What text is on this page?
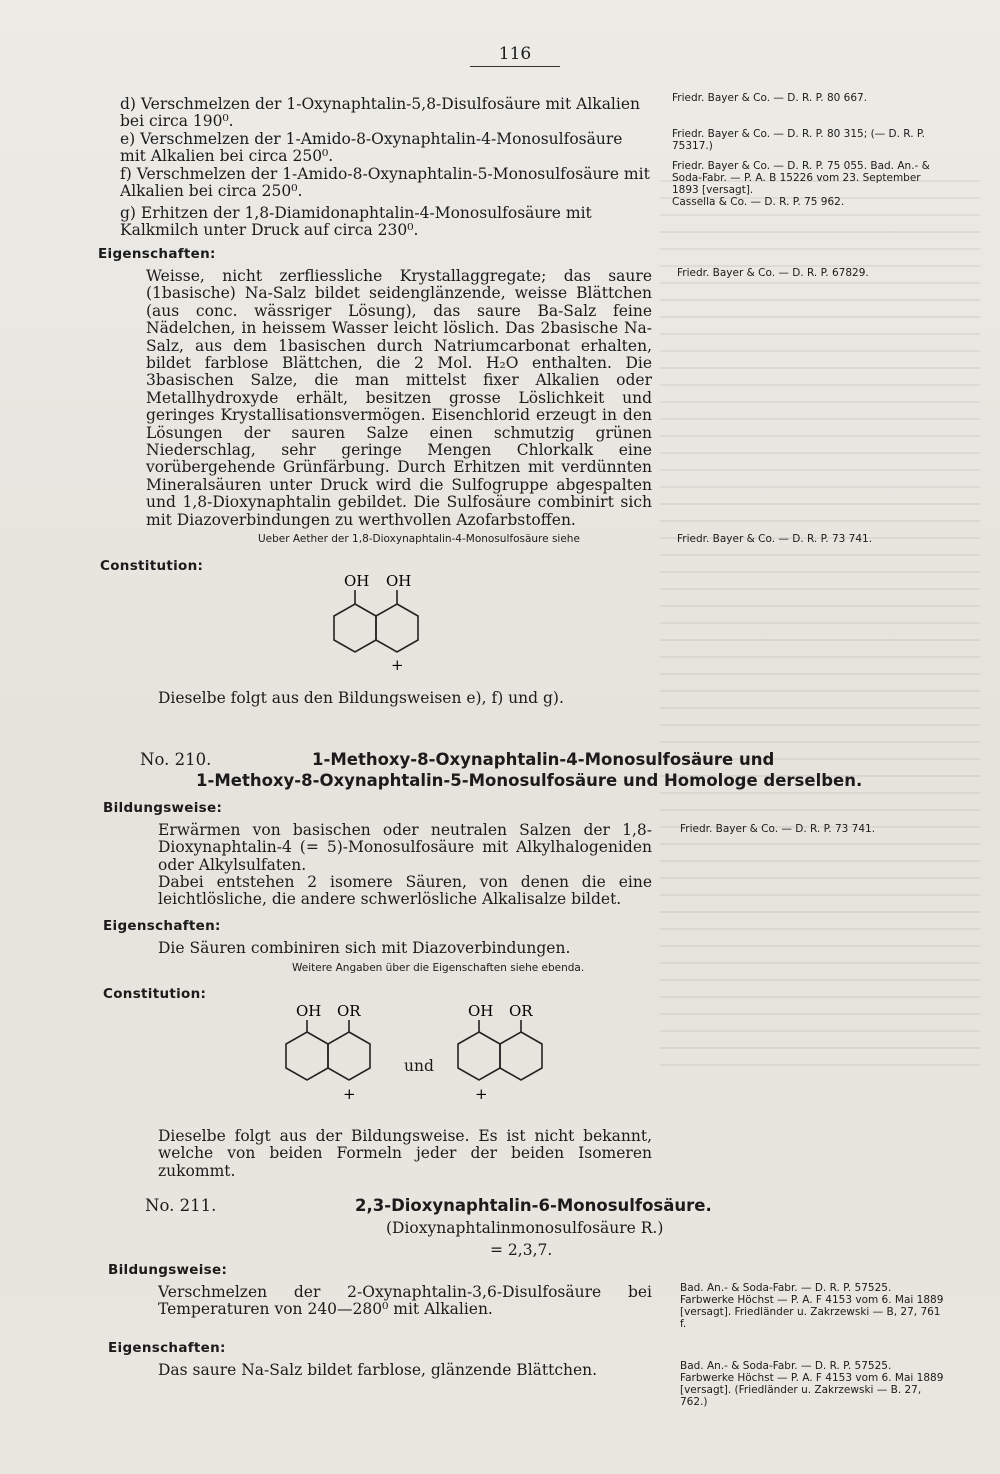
116
d) Verschmelzen der 1-Oxynaphtalin-5,8-Disulfosäure mit Alkalien bei circa 190⁰.
Friedr. Bayer & Co. — D. R. P. 80 667.
e) Verschmelzen der 1-Amido-8-Oxynaphtalin-4-Monosulfosäure mit Alkalien bei circa 250⁰.
Friedr. Bayer & Co. — D. R. P. 80 315; (— D. R. P. 75317.)
f) Verschmelzen der 1-Amido-8-Oxynaphtalin-5-Monosulfosäure mit Alkalien bei circa 250⁰.
Friedr. Bayer & Co. — D. R. P. 75 055. Bad. An.- & Soda-Fabr. — P. A. B 15226 vom 23. September 1893 [versagt].
g) Erhitzen der 1,8-Diamidonaphtalin-4-Monosulfosäure mit Kalkmilch unter Druck auf circa 230⁰.
Cassella & Co. — D. R. P. 75 962.
Eigenschaften:
Weisse, nicht zerfliessliche Krystallaggregate; das saure (1basische) Na-Salz bildet seidenglänzende, weisse Blättchen (aus conc. wässriger Lösung), das saure Ba-Salz feine Nädelchen, in heissem Wasser leicht löslich. Das 2basische Na-Salz, aus dem 1basischen durch Natriumcarbonat erhalten, bildet farblose Blättchen, die 2 Mol. H₂O enthalten. Die 3basischen Salze, die man mittelst fixer Alkalien oder Metallhydroxyde erhält, besitzen grosse Löslichkeit und geringes Krystallisationsvermögen. Eisenchlorid erzeugt in den Lösungen der sauren Salze einen schmutzig grünen Niederschlag, sehr geringe Mengen Chlorkalk eine vorübergehende Grünfärbung. Durch Erhitzen mit verdünnten Mineralsäuren unter Druck wird die Sulfogruppe abgespalten und 1,8-Dioxynaphtalin gebildet. Die Sulfosäure combinirt sich mit Diazoverbindungen zu werthvollen Azofarbstoffen.
Friedr. Bayer & Co. — D. R. P. 67829.
Ueber Aether der 1,8-Dioxynaphtalin-4-Monosulfosäure siehe	Friedr. Bayer & Co. — D. R. P. 73 741.
Constitution:
OH OH
+
Dieselbe folgt aus den Bildungsweisen e), f) und g).
No. 210.	1-Methoxy-8-Oxynaphtalin-4-Monosulfosäure und
1-Methoxy-8-Oxynaphtalin-5-Monosulfosäure und Homologe derselben.
Bildungsweise:
Erwärmen von basischen oder neutralen Salzen der 1,8-Dioxynaphtalin-4 (= 5)-Monosulfosäure mit Alkylhalogeniden oder Alkylsulfaten.
Dabei entstehen 2 isomere Säuren, von denen die eine leichtlösliche, die andere schwerlösliche Alkalisalze bildet.
Friedr. Bayer & Co. — D. R. P. 73 741.
Eigenschaften:
Die Säuren combiniren sich mit Diazoverbindungen.
Weitere Angaben über die Eigenschaften siehe ebenda.
Constitution:
OH OR
+
und
OH OR
+
Dieselbe folgt aus der Bildungsweise. Es ist nicht bekannt, welche von beiden Formeln jeder der beiden Isomeren zukommt.
No. 211.	2,3-Dioxynaphtalin-6-Monosulfosäure.
(Dioxynaphtalinmonosulfosäure R.)
= 2,3,7.
Bildungsweise:
Verschmelzen der 2-Oxynaphtalin-3,6-Disulfosäure bei Temperaturen von 240—280⁰ mit Alkalien.
Bad. An.- & Soda-Fabr. — D. R. P. 57525. Farbwerke Höchst — P. A. F 4153 vom 6. Mai 1889 [versagt]. Friedländer u. Zakrzewski — B, 27, 761 f.
Eigenschaften:
Das saure Na-Salz bildet farblose, glänzende Blättchen.	Bad. An.- & Soda-Fabr. — D. R. P. 57525. Farbwerke Höchst — P. A. F 4153 vom 6. Mai 1889 [versagt]. (Friedländer u. Zakrzewski — B. 27, 762.)
